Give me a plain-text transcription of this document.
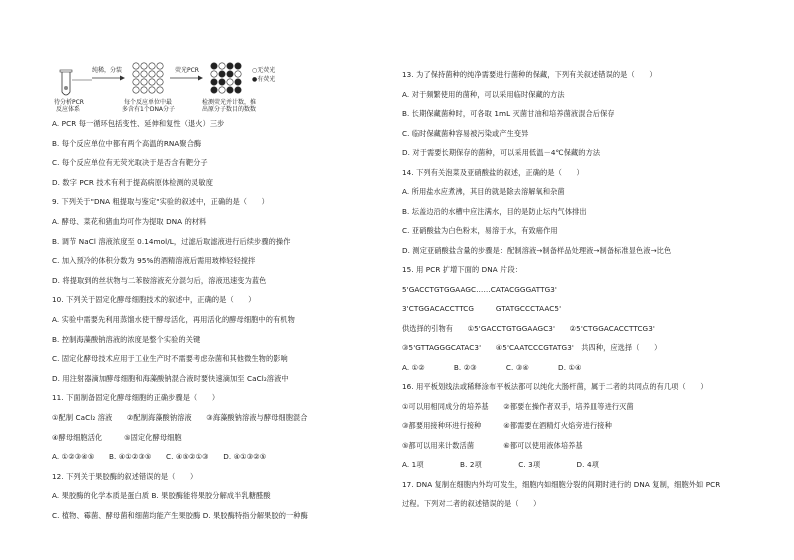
纯稀，分装	荧光PCR	○无荧光
●有荧光
待分析PCR
反应体系
每个反应单位中最
多含有1个DNA分子
检测荧光并计数，推
出原分子数目的数数
A. PCR 每一循环包括变性、延伸和复性（退火）三步
B. 每个反应单位中都有两个高温的RNA聚合酶
C. 每个反应单位有无荧光取决于是否含有靶分子
D. 数字 PCR 技术有利于提高病原体检测的灵敏度
9. 下列关于"DNA 粗提取与鉴定"实验的叙述中，正确的是（　　）
A. 酵母、菜花和猪血均可作为提取 DNA 的材料
B. 调节 NaCl 溶液浓度至 0.14mol/L，过滤后取滤液进行后续步骤的操作
C. 加入预冷的体积分数为 95%的酒精溶液后需用玻棒轻轻搅拌
D. 将提取到的丝状物与二苯胺溶液充分混匀后，溶液迅速变为蓝色
10. 下列关于固定化酵母细胞技术的叙述中，正确的是（　　）
A. 实验中需要先利用蒸馏水使干酵母活化，再用活化的酵母细胞中的有机物
B. 控制海藻酸钠溶液的浓度是整个实验的关键
C. 固定化酵母技术应用于工业生产时不需要考虑杂菌和其他微生物的影响
D. 用注射器滴加酵母细胞和海藻酸钠混合液时要快速滴加至 CaCl₂溶液中
11. 下面制备固定化酵母细胞的正确步骤是（　　）
①配制 CaCl₂ 溶液　　②配制海藻酸钠溶液　　③海藻酸钠溶液与酵母细胞混合
④酵母细胞活化　　　⑤固定化酵母细胞
A. ①②③④⑤　　B. ④①②③⑤　　C. ④⑤②①③　　D. ④①③②⑤
12. 下列关于果胶酶的叙述错误的是（　　）
A. 果胶酶的化学本质是蛋白质 B. 果胶酶能将果胶分解成半乳糖醛酸
C. 植物、霉菌、酵母菌和细菌均能产生果胶酶 D. 果胶酶特指分解果胶的一种酶
13. 为了保持菌种的纯净需要进行菌种的保藏，下列有关叙述错误的是（　　）
A. 对于频繁使用的菌种，可以采用临时保藏的方法
B. 长期保藏菌种时，可各取 1mL 灭菌甘油和培养菌液混合后保存
C. 临时保藏菌种容易被污染或产生变异
D. 对于需要长期保存的菌种，可以采用低温－4℃保藏的方法
14. 下列有关泡菜及亚硝酸盐的叙述，正确的是（　　）
A. 所用盐水应煮沸，其目的就是除去溶解氧和杂菌
B. 坛盖边沿的水槽中应注满水，目的是防止坛内气体排出
C. 亚硝酸盐为白色粉末，易溶于水，有致癌作用
D. 测定亚硝酸盐含量的步骤是：配制溶液→制备样品处理液→制备标准显色液→比色
15. 用 PCR 扩增下面的 DNA 片段：
5'GACCTGTGGAAGC……CATACGGGATTG3'
3'CTGGACACCTTCG　　　GTATGCCCTAAC5'
供选择的引物有　　①5'GACCTGTGGAAGC3'　　②5'CTGGACACCTTCG3'
③5'GTTAGGGCATAC3'　　④5'CAATCCCGTATG3'　共四种，应选择（　　）
A. ①②　　　　B. ②③　　　　C. ③④　　　　D. ①④
16. 用平板划线法或稀释涂布平板法都可以纯化大肠杆菌，属于二者的共同点的有几项（　　）
①可以用相同成分的培养基　　②都要在操作者双手，培养皿等进行灭菌
③都要用接种环进行接种　　　④都需要在酒精灯火焰旁进行接种
⑤都可以用来计数活菌　　　　⑥都可以使用液体培养基
A. 1项　　　　　B. 2项　　　　　C. 3项　　　　　D. 4项
17. DNA 复制在细胞内外均可发生，细胞内如细胞分裂的间期时进行的 DNA 复制，细胞外如 PCR
过程。下列对二者的叙述错误的是（　　）
